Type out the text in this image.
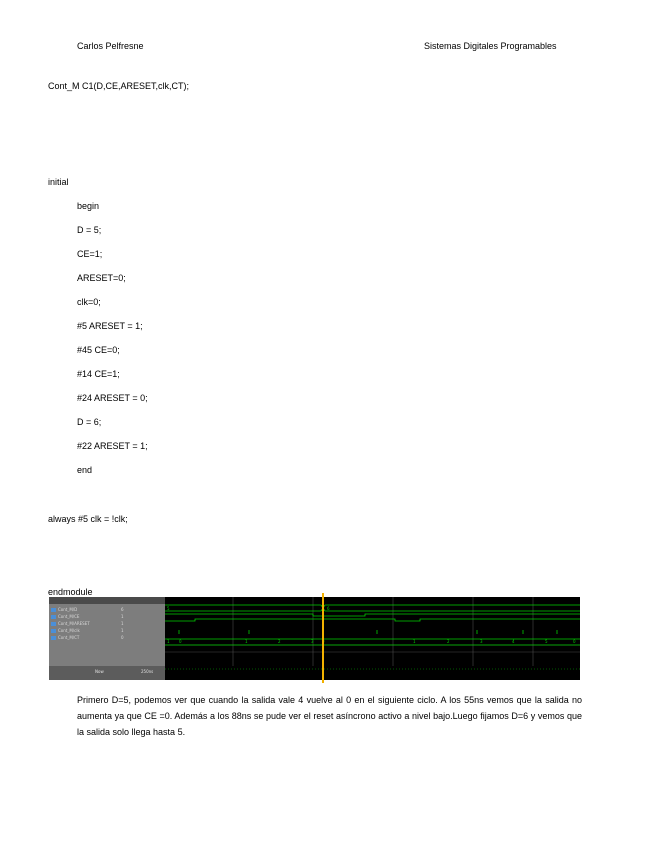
Carlos Pelfresne	Sistemas Digitales Programables
Cont_M C1(D,CE,ARESET,clk,CT);
initial
begin
D = 5;
CE=1;
ARESET=0;
clk=0;
#5 ARESET = 1;
#45 CE=0;
#14 CE=1;
#24 ARESET = 0;
D = 6;
#22 ARESET = 1;
end
always #5 clk = !clk;
endmodule
Cont_M/D	6
Cont_M/CE	1
Cont_M/ARESET	1
Cont_M/clk	1
Cont_M/CT	0
Now	250ns
5	6
1 0	1	2	3	1	2	3	4	5	0
Primero D=5, podemos ver que cuando la salida vale 4 vuelve al 0 en el siguiente ciclo. A los 55ns vemos que la salida no aumenta ya que CE =0. Además a los 88ns se pude ver el reset asíncrono activo a nivel bajo.Luego fijamos D=6 y vemos que la salida solo llega hasta 5.
